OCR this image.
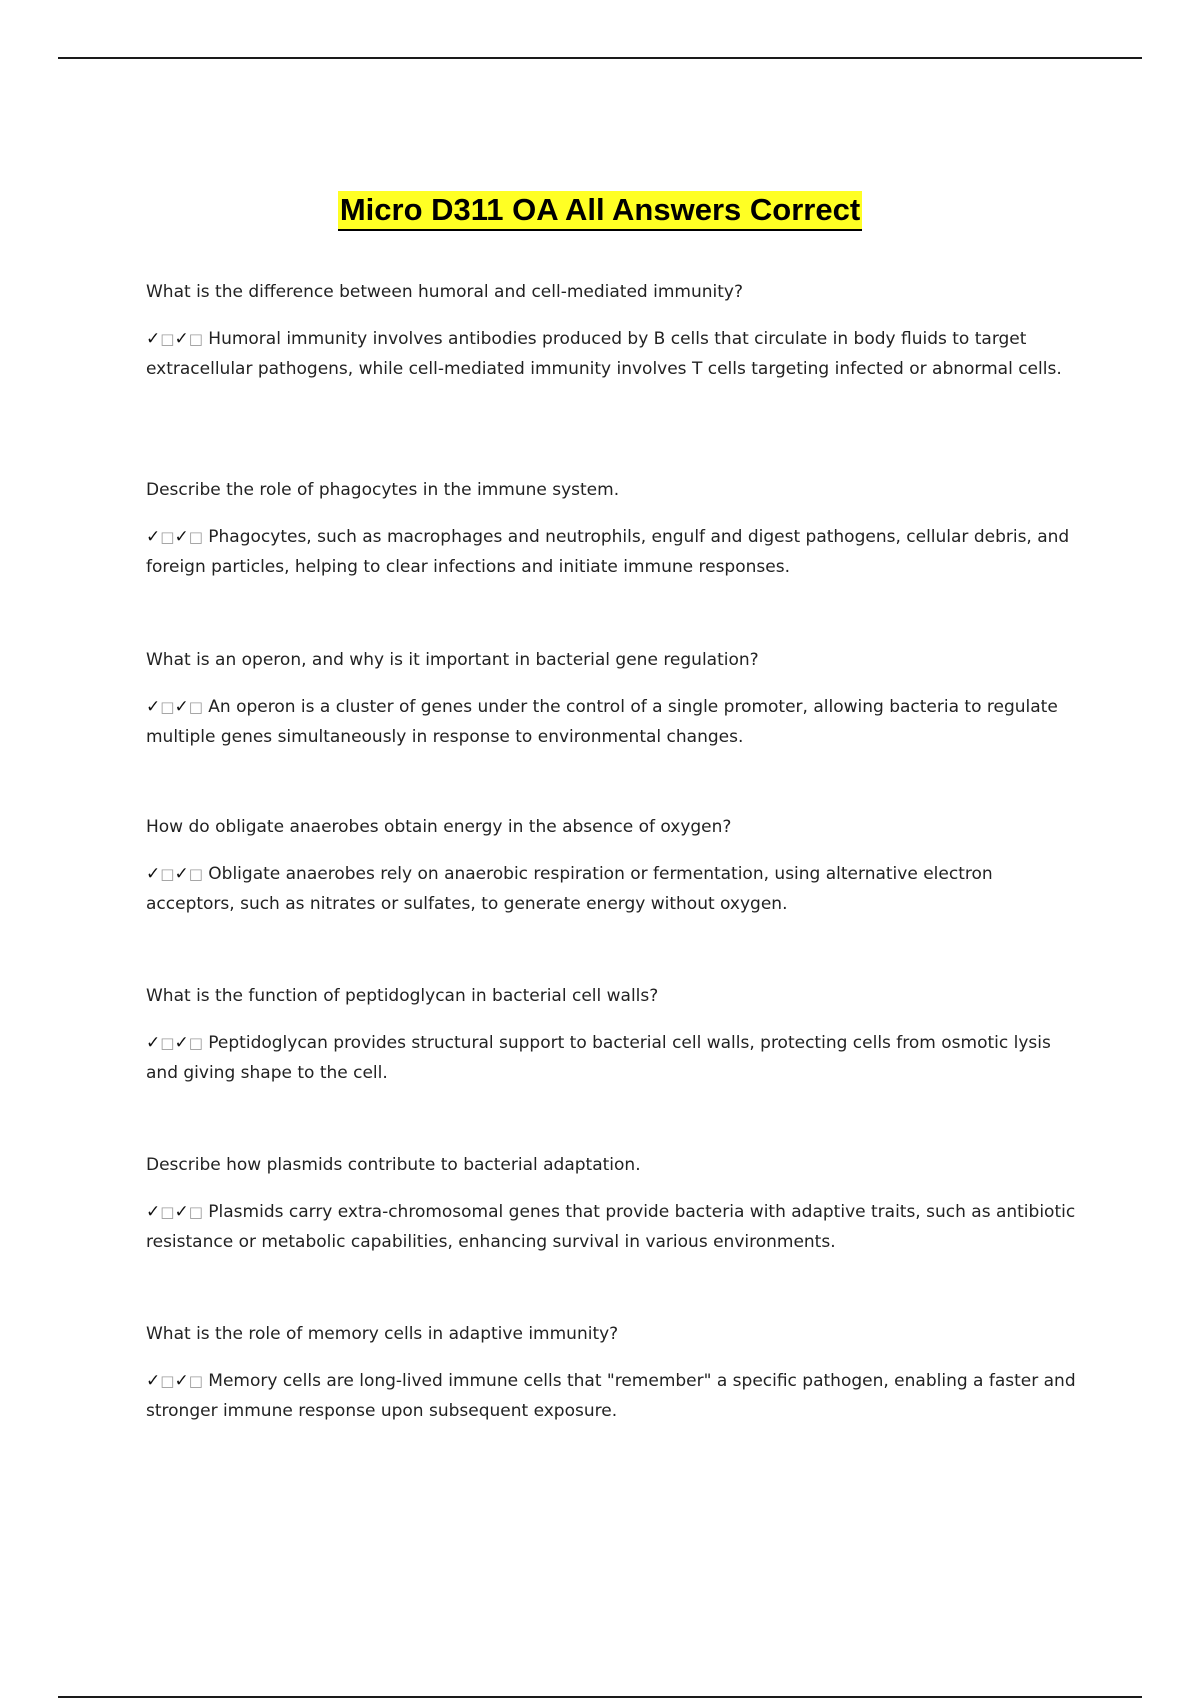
Micro D311 OA All Answers Correct

What is the difference between humoral and cell-mediated immunity?

✓□✓□ Humoral immunity involves antibodies produced by B cells that circulate in body fluids to target extracellular pathogens, while cell-mediated immunity involves T cells targeting infected or abnormal cells.

Describe the role of phagocytes in the immune system.

✓□✓□ Phagocytes, such as macrophages and neutrophils, engulf and digest pathogens, cellular debris, and foreign particles, helping to clear infections and initiate immune responses.

What is an operon, and why is it important in bacterial gene regulation?

✓□✓□ An operon is a cluster of genes under the control of a single promoter, allowing bacteria to regulate multiple genes simultaneously in response to environmental changes.

How do obligate anaerobes obtain energy in the absence of oxygen?

✓□✓□ Obligate anaerobes rely on anaerobic respiration or fermentation, using alternative electron acceptors, such as nitrates or sulfates, to generate energy without oxygen.

What is the function of peptidoglycan in bacterial cell walls?

✓□✓□ Peptidoglycan provides structural support to bacterial cell walls, protecting cells from osmotic lysis and giving shape to the cell.

Describe how plasmids contribute to bacterial adaptation.

✓□✓□ Plasmids carry extra-chromosomal genes that provide bacteria with adaptive traits, such as antibiotic resistance or metabolic capabilities, enhancing survival in various environments.

What is the role of memory cells in adaptive immunity?

✓□✓□ Memory cells are long-lived immune cells that "remember" a specific pathogen, enabling a faster and stronger immune response upon subsequent exposure.
